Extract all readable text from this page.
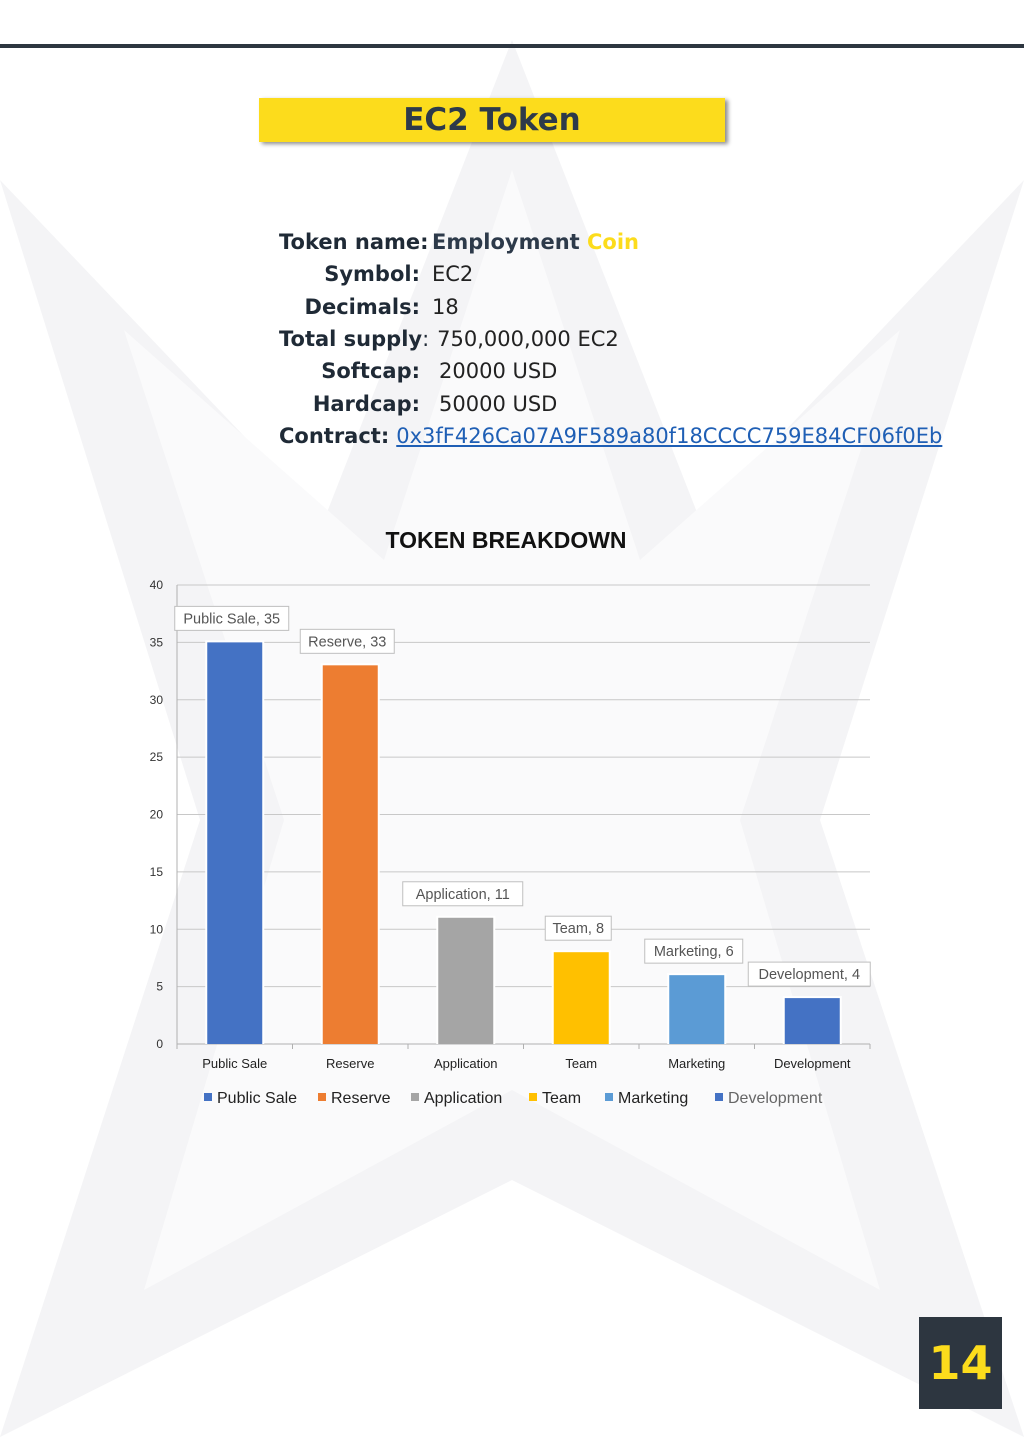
EC2 Token
Token name: Employment Coin
Symbol: EC2
Decimals: 18
Total supply: 750,000,000 EC2
Softcap: 20000 USD
Hardcap: 50000 USD
Contract: 0x3fF426Ca07A9F589a80f18CCCC759E84CF06f0Eb
TOKEN BREAKDOWN
0
5
10
15
20
25
30
35
40
Public Sale
Public Sale, 35
Reserve
Reserve, 33
Application
Application, 11
Team
Team, 8
Marketing
Marketing, 6
Development
Development, 4
Public Sale Reserve Application Team Marketing Development
14
